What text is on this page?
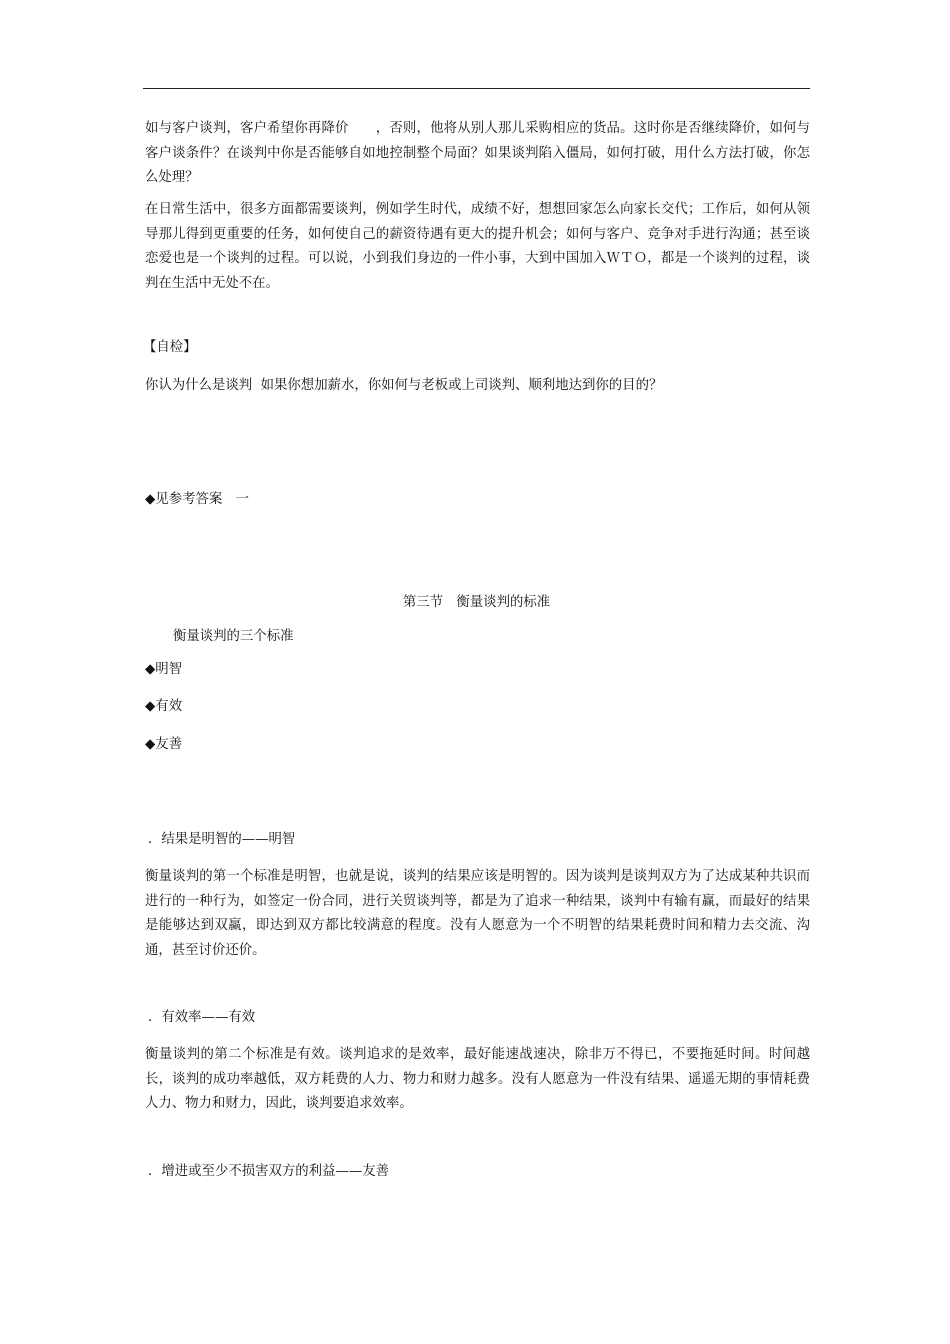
如与客户谈判，客户希望你再降价　　，否则，他将从别人那儿采购相应的货品。这时你是否继续降价，如何与客户谈条件？在谈判中你是否能够自如地控制整个局面？如果谈判陷入僵局，如何打破，用什么方法打破，你怎么处理？

在日常生活中，很多方面都需要谈判，例如学生时代，成绩不好，想想回家怎么向家长交代；工作后，如何从领导那儿得到更重要的任务，如何使自己的薪资待遇有更大的提升机会；如何与客户、竞争对手进行沟通；甚至谈恋爱也是一个谈判的过程。可以说，小到我们身边的一件小事，大到中国加入ＷＴＯ，都是一个谈判的过程，谈判在生活中无处不在。

【自检】
你认为什么是谈判  如果你想加薪水，你如何与老板或上司谈判、顺利地达到你的目的？
◆见参考答案　一
第三节　衡量谈判的标准
衡量谈判的三个标准
◆明智
◆有效
◆友善
．结果是明智的——明智

衡量谈判的第一个标准是明智，也就是说，谈判的结果应该是明智的。因为谈判是谈判双方为了达成某种共识而进行的一种行为，如签定一份合同，进行关贸谈判等，都是为了追求一种结果，谈判中有输有赢，而最好的结果是能够达到双赢，即达到双方都比较满意的程度。没有人愿意为一个不明智的结果耗费时间和精力去交流、沟通，甚至讨价还价。

．有效率——有效

衡量谈判的第二个标准是有效。谈判追求的是效率，最好能速战速决，除非万不得已，不要拖延时间。时间越长，谈判的成功率越低，双方耗费的人力、物力和财力越多。没有人愿意为一件没有结果、遥遥无期的事情耗费人力、物力和财力，因此，谈判要追求效率。

．增进或至少不损害双方的利益——友善
